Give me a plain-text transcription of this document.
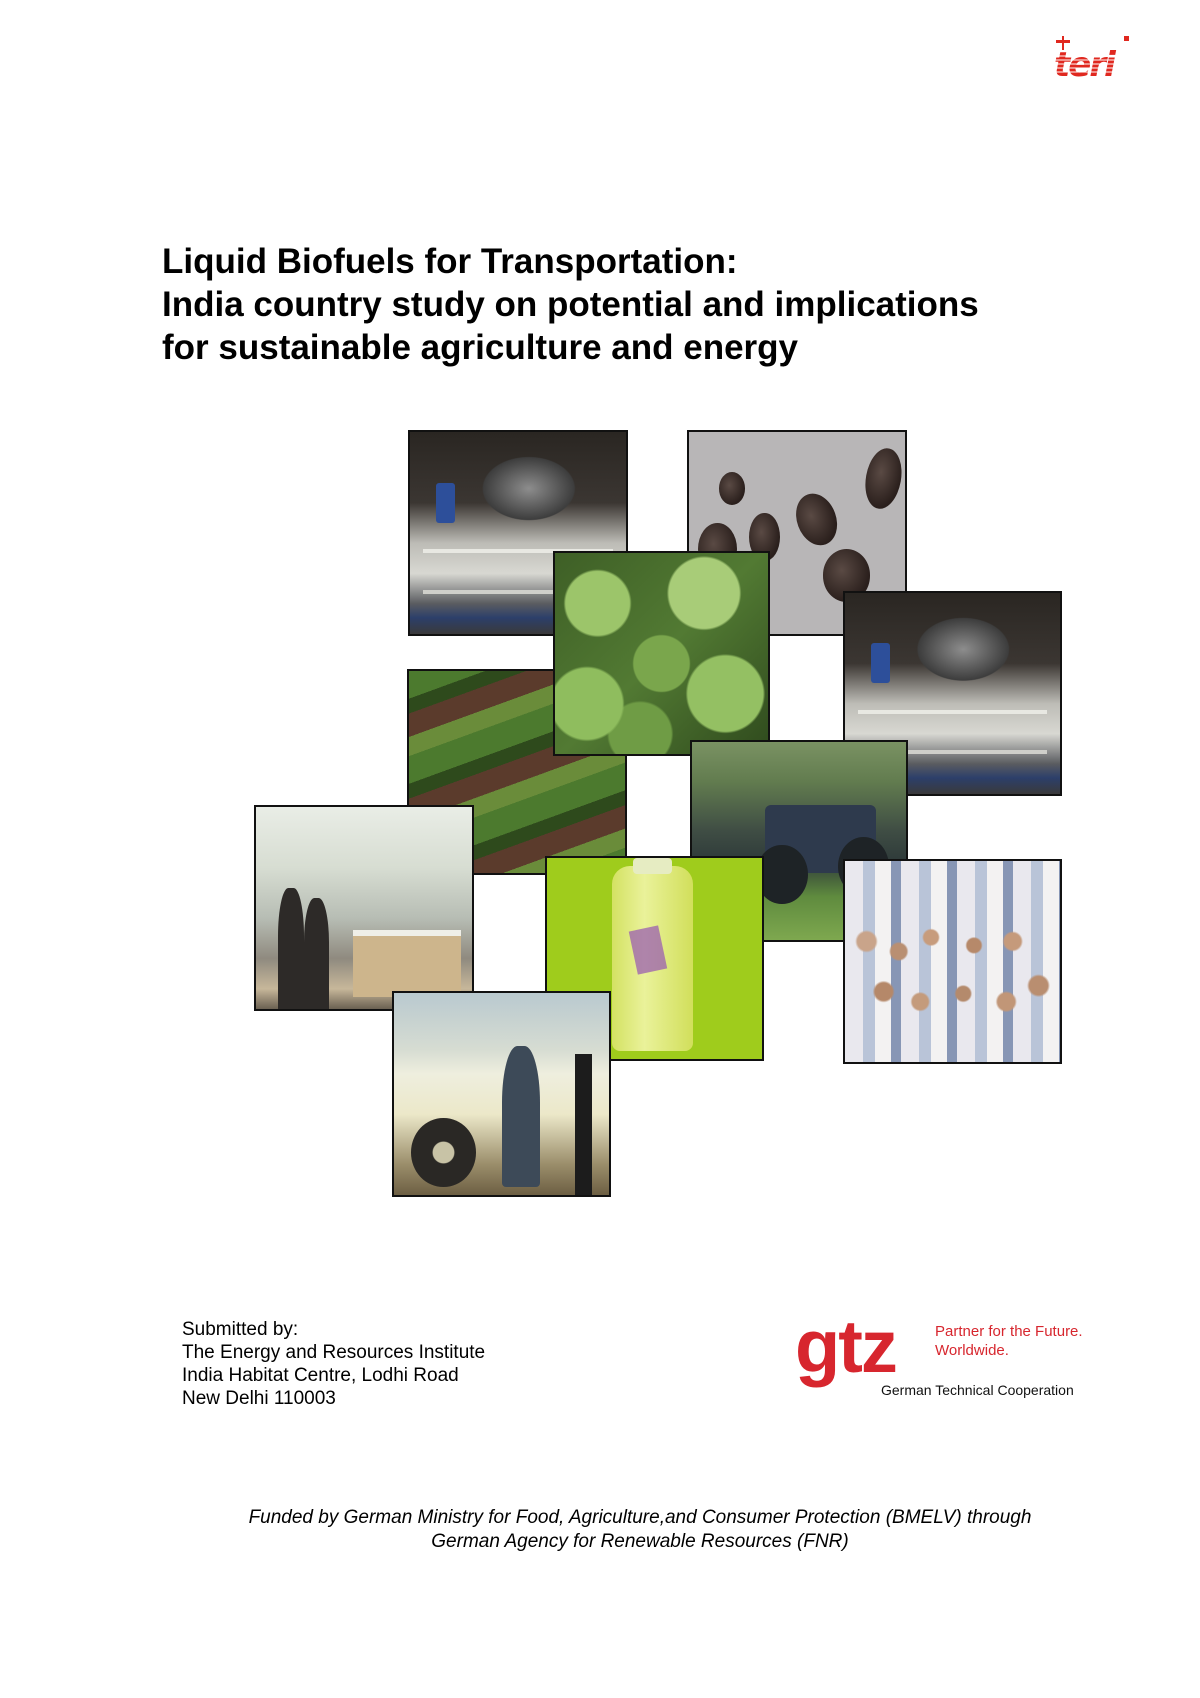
teri
Liquid Biofuels for Transportation:
India country study on potential and implications
for sustainable agriculture and energy

Submitted by:
The Energy and Resources Institute
India Habitat Centre, Lodhi Road
New Delhi 110003

gtz	Partner for the Future.
Worldwide.
German Technical Cooperation

Funded by German Ministry for Food, Agriculture,and Consumer Protection (BMELV) through
German Agency for Renewable Resources (FNR)
